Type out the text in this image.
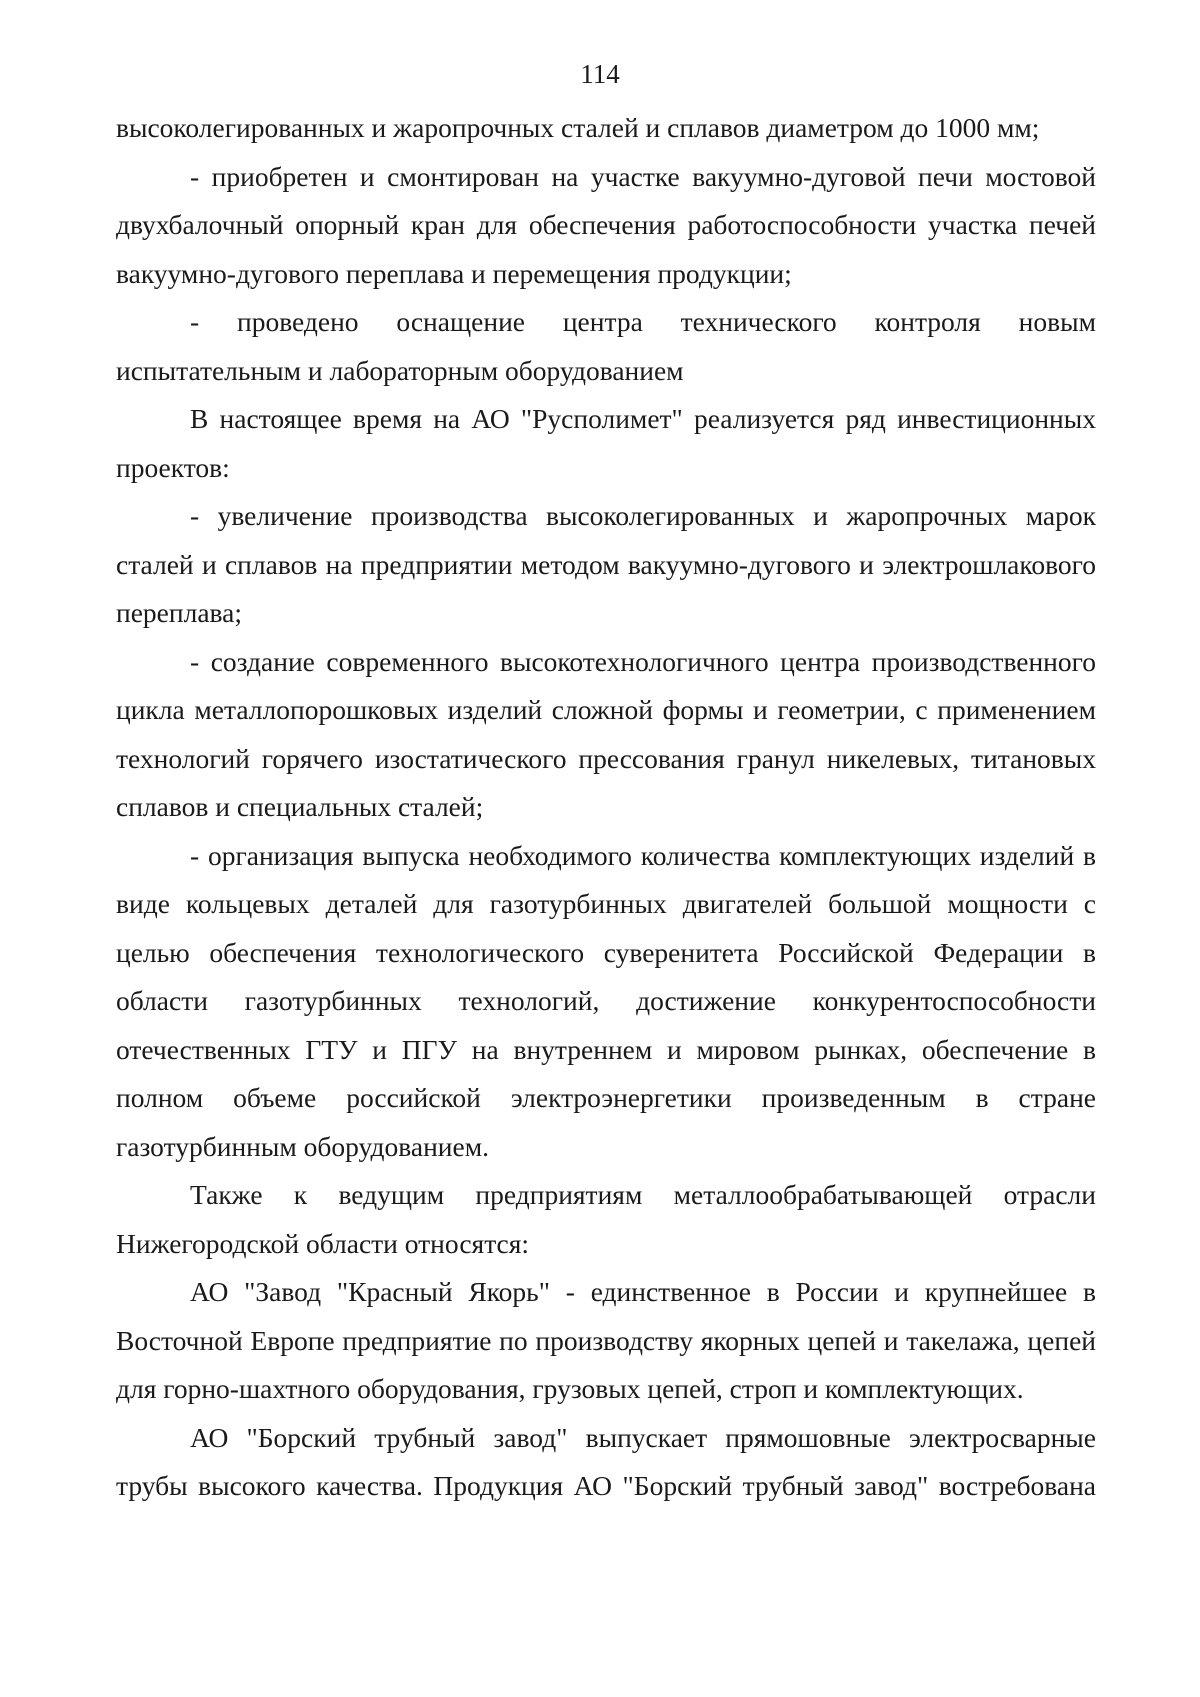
114

высоколегированных и жаропрочных сталей и сплавов диаметром до 1000 мм;

- приобретен и смонтирован на участке вакуумно-дуговой печи мостовой двухбалочный опорный кран для обеспечения работоспособности участка печей вакуумно-дугового переплава и перемещения продукции;

- проведено оснащение центра технического контроля новым испытательным и лабораторным оборудованием

В настоящее время на АО "Русполимет" реализуется ряд инвестиционных проектов:

- увеличение производства высоколегированных и жаропрочных марок сталей и сплавов на предприятии методом вакуумно-дугового и электрошлакового переплава;

- создание современного высокотехнологичного центра производственного цикла металлопорошковых изделий сложной формы и геометрии, с применением технологий горячего изостатического прессования гранул никелевых, титановых сплавов и специальных сталей;

- организация выпуска необходимого количества комплектующих изделий в виде кольцевых деталей для газотурбинных двигателей большой мощности с целью обеспечения технологического суверенитета Российской Федерации в области газотурбинных технологий, достижение конкурентоспособности отечественных ГТУ и ПГУ на внутреннем и мировом рынках, обеспечение в полном объеме российской электроэнергетики произведенным в стране газотурбинным оборудованием.

Также к ведущим предприятиям металлообрабатывающей отрасли Нижегородской области относятся:

АО "Завод "Красный Якорь" - единственное в России и крупнейшее в Восточной Европе предприятие по производству якорных цепей и такелажа, цепей для горно-шахтного оборудования, грузовых цепей, строп и комплектующих.

АО "Борский трубный завод" выпускает прямошовные электросварные трубы высокого качества. Продукция АО "Борский трубный завод" востребована
